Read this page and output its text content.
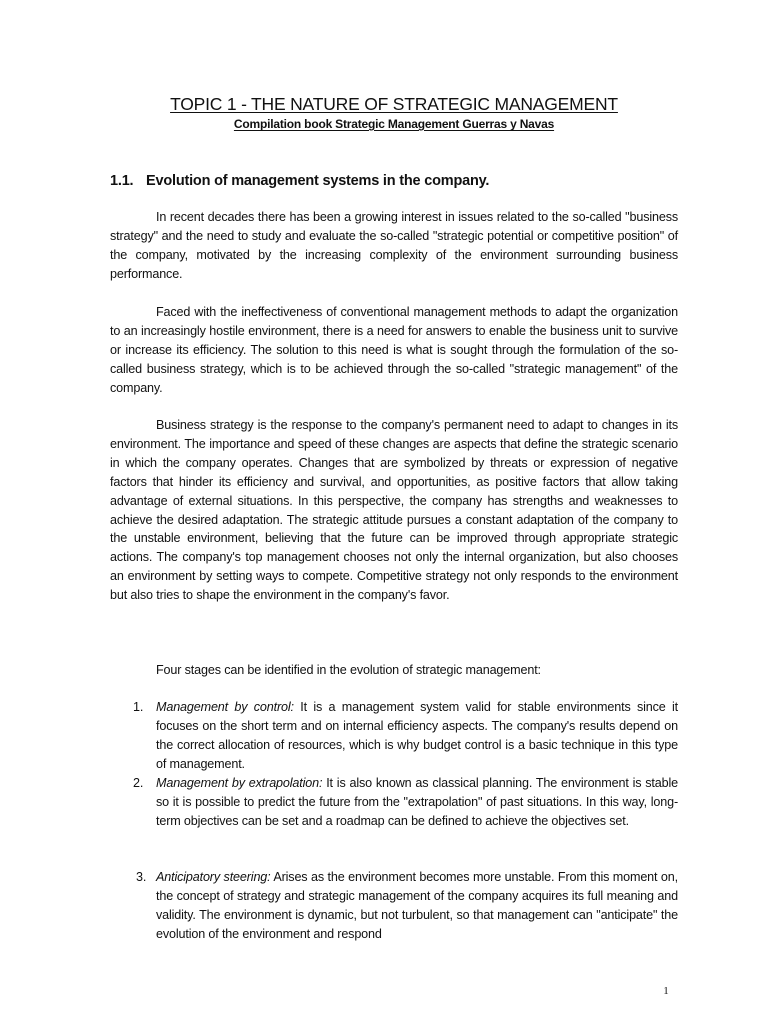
TOPIC 1 - THE NATURE OF STRATEGIC MANAGEMENT
Compilation book Strategic Management Guerras y Navas
1.1. Evolution of management systems in the company.

In recent decades there has been a growing interest in issues related to the so-called "business strategy" and the need to study and evaluate the so-called "strategic potential or competitive position" of the company, motivated by the increasing complexity of the environment surrounding business performance.

Faced with the ineffectiveness of conventional management methods to adapt the organization to an increasingly hostile environment, there is a need for answers to enable the business unit to survive or increase its efficiency. The solution to this need is what is sought through the formulation of the so-called business strategy, which is to be achieved through the so-called "strategic management" of the company.

Business strategy is the response to the company's permanent need to adapt to changes in its environment. The importance and speed of these changes are aspects that define the strategic scenario in which the company operates. Changes that are symbolized by threats or expression of negative factors that hinder its efficiency and survival, and opportunities, as positive factors that allow taking advantage of external situations. In this perspective, the company has strengths and weaknesses to achieve the desired adaptation. The strategic attitude pursues a constant adaptation of the company to the unstable environment, believing that the future can be improved through appropriate strategic actions. The company's top management chooses not only the internal organization, but also chooses an environment by setting ways to compete. Competitive strategy not only responds to the environment but also tries to shape the environment in the company's favor.

Four stages can be identified in the evolution of strategic management:

1.	Management by control: It is a management system valid for stable environments since it focuses on the short term and on internal efficiency aspects. The company's results depend on the correct allocation of resources, which is why budget control is a basic technique in this type of management.
2.	Management by extrapolation: It is also known as classical planning. The environment is stable so it is possible to predict the future from the "extrapolation" of past situations. In this way, long-term objectives can be set and a roadmap can be defined to achieve the objectives set.
3. Anticipatory steering: Arises as the environment becomes more unstable. From this moment on, the concept of strategy and strategic management of the company acquires its full meaning and validity. The environment is dynamic, but not turbulent, so that management can "anticipate" the evolution of the environment and respond
1
